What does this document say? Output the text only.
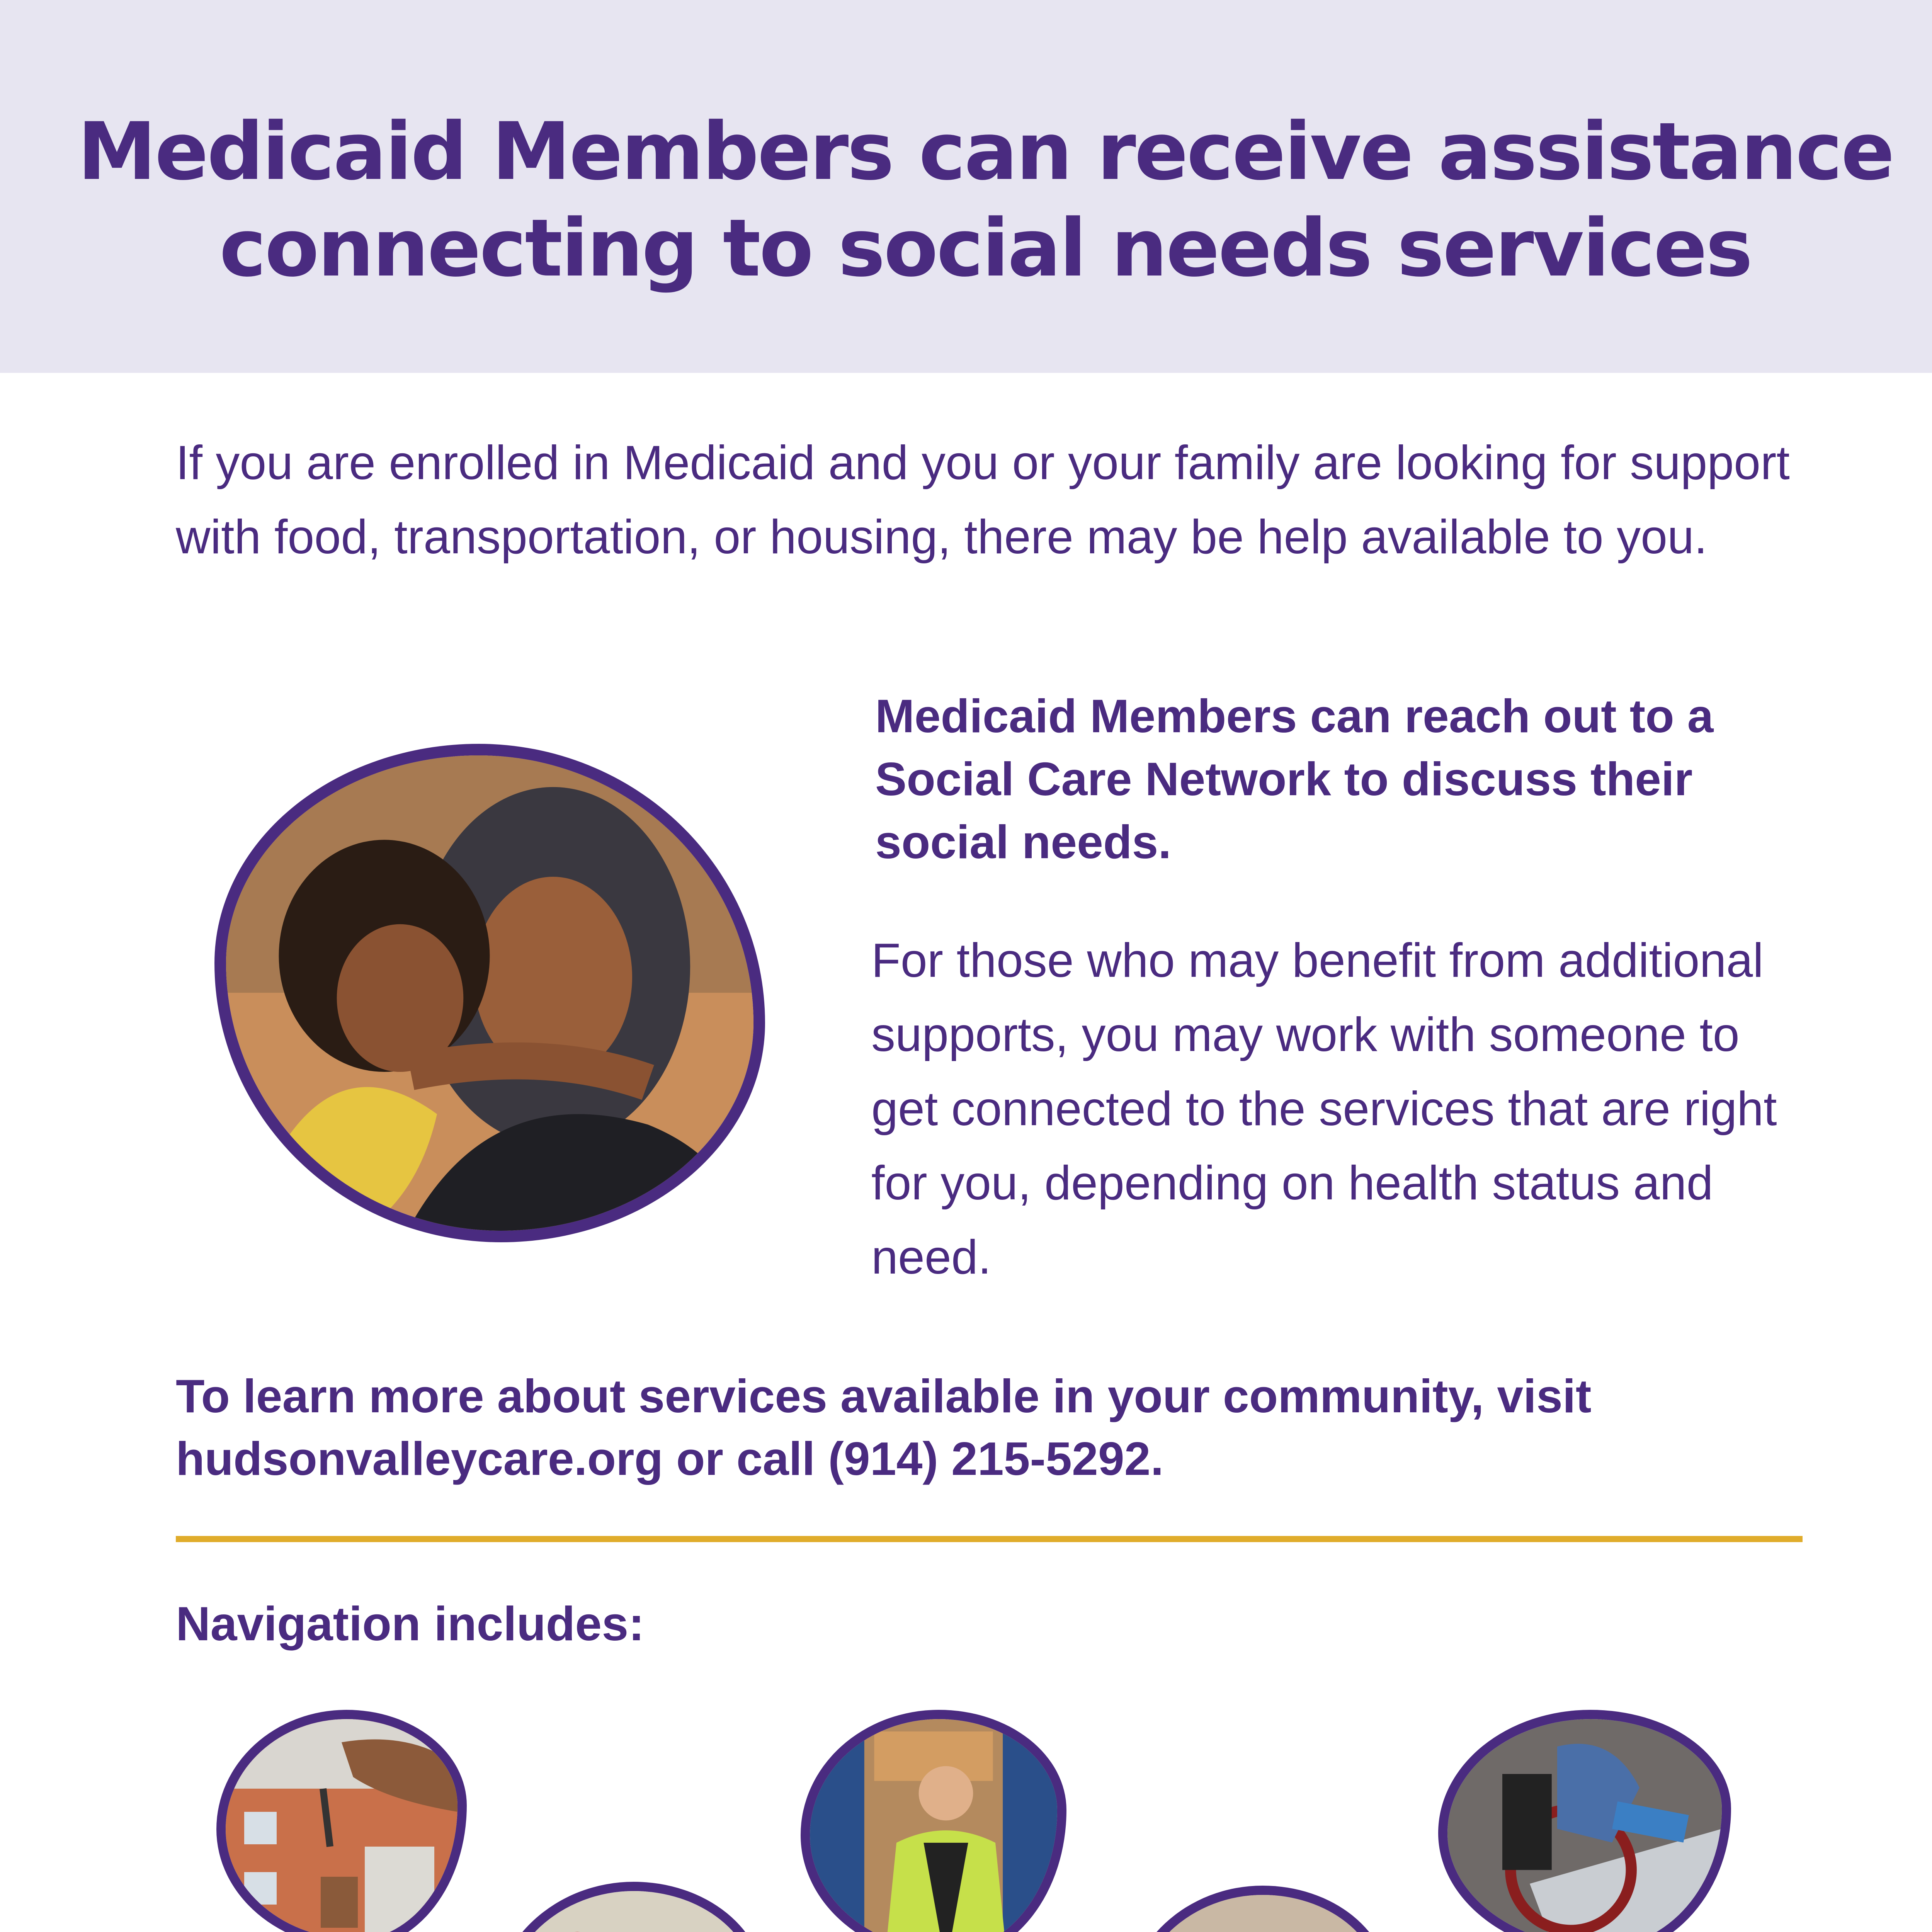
Medicaid Members can receive assistance connecting to social needs services
If you are enrolled in Medicaid and you or your family are looking for support with food, transportation, or housing, there may be help available to you.
Medicaid Members can reach out to a Social Care Network to discuss their social needs.
For those who may benefit from additional supports, you may work with someone to get connected to the services that are right for you, depending on health status and need.
To learn more about services available in your community, visit hudsonvalleycare.org or call (914) 215-5292.
Navigation includes:
